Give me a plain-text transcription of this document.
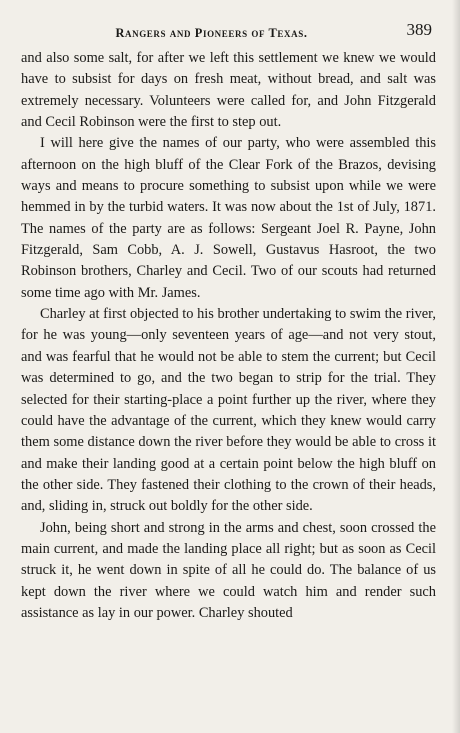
Rangers and Pioneers of Texas.	389

and also some salt, for after we left this settlement we knew we would have to subsist for days on fresh meat, without bread, and salt was extremely necessary. Volunteers were called for, and John Fitzgerald and Cecil Robinson were the first to step out.

I will here give the names of our party, who were assembled this afternoon on the high bluff of the Clear Fork of the Brazos, devising ways and means to procure something to subsist upon while we were hemmed in by the turbid waters. It was now about the 1st of July, 1871. The names of the party are as follows: Sergeant Joel R. Payne, John Fitzgerald, Sam Cobb, A. J. Sowell, Gustavus Hasroot, the two Robinson brothers, Charley and Cecil. Two of our scouts had returned some time ago with Mr. James.

Charley at first objected to his brother undertaking to swim the river, for he was young—only seventeen years of age—and not very stout, and was fearful that he would not be able to stem the current; but Cecil was determined to go, and the two began to strip for the trial. They selected for their starting-place a point further up the river, where they could have the advantage of the current, which they knew would carry them some distance down the river before they would be able to cross it and make their landing good at a certain point below the high bluff on the other side. They fastened their clothing to the crown of their heads, and, sliding in, struck out boldly for the other side.

John, being short and strong in the arms and chest, soon crossed the main current, and made the landing place all right; but as soon as Cecil struck it, he went down in spite of all he could do. The balance of us kept down the river where we could watch him and render such assistance as lay in our power. Charley shouted
